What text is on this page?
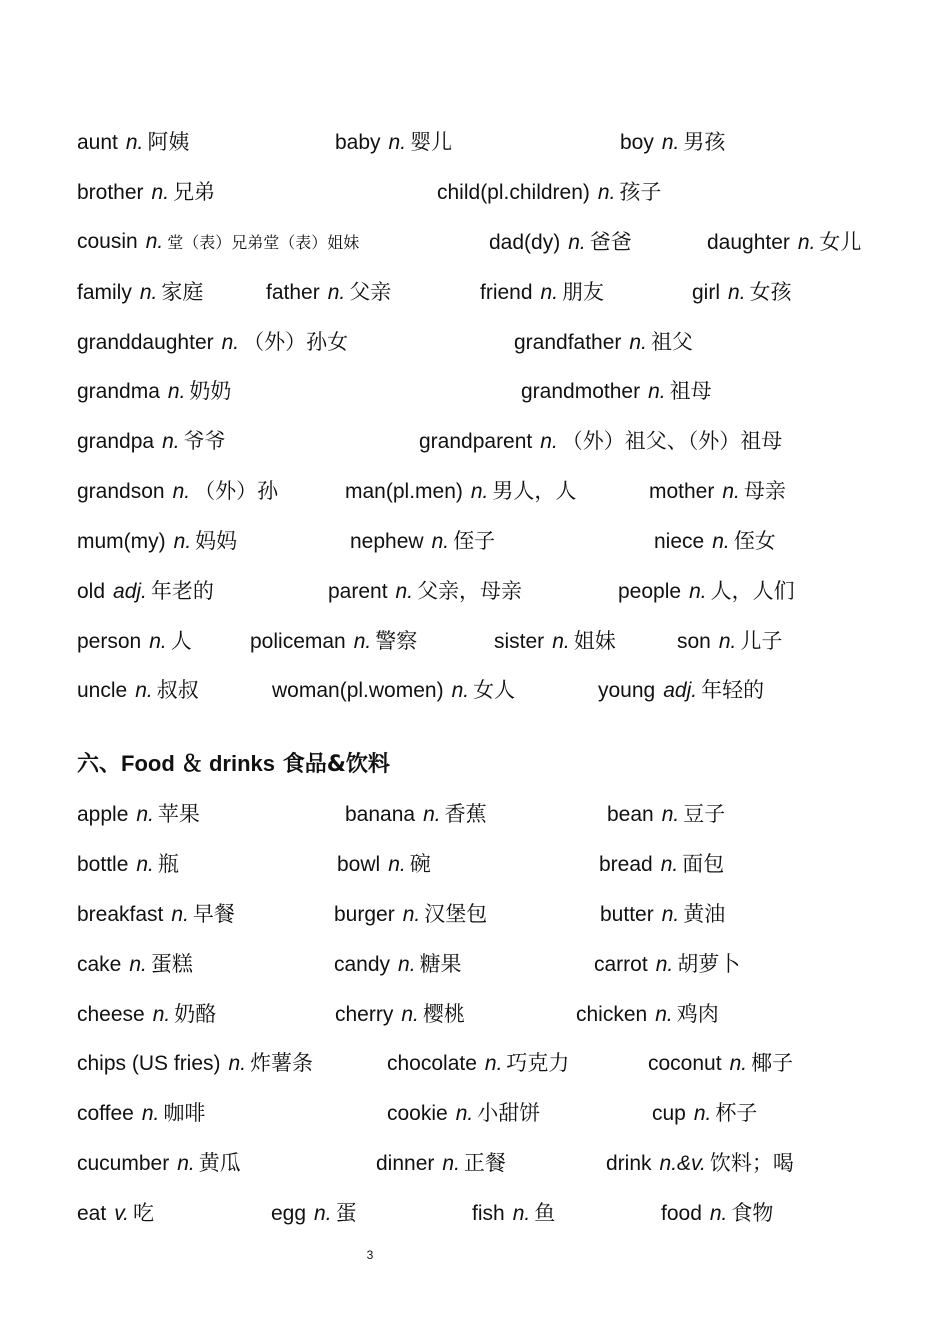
aunt n. 阿姨	baby n. 婴儿	boy n. 男孩
brother n. 兄弟	child(pl.children) n. 孩子
cousin n. 堂（表）兄弟堂（表）姐妹	dad(dy) n. 爸爸	daughter n. 女儿
family n. 家庭	father n. 父亲	friend n. 朋友	girl n. 女孩
granddaughter n. （外）孙女	grandfather n. 祖父
grandma n. 奶奶	grandmother n. 祖母
grandpa n. 爷爷	grandparent n. （外）祖父、（外）祖母
grandson n. （外）孙	man(pl.men) n. 男人，人	mother n. 母亲
mum(my) n. 妈妈	nephew n. 侄子	niece n. 侄女
old adj. 年老的	parent n. 父亲，母亲	people n. 人，人们
person n. 人	policeman n. 警察	sister n. 姐妹	son n. 儿子
uncle n. 叔叔	woman(pl.women) n. 女人	young adj. 年轻的
六、Food ＆ drinks 食品&饮料
apple n. 苹果	banana n. 香蕉	bean n. 豆子
bottle n. 瓶	bowl n. 碗	bread n. 面包
breakfast n. 早餐	burger n. 汉堡包	butter n. 黄油
cake n. 蛋糕	candy n. 糖果	carrot n. 胡萝卜
cheese n. 奶酪	cherry n. 樱桃	chicken n. 鸡肉
chips (US fries) n. 炸薯条	chocolate n. 巧克力	coconut n. 椰子
coffee n. 咖啡	cookie n. 小甜饼	cup n. 杯子
cucumber n. 黄瓜	dinner n. 正餐	drink n.&v. 饮料；喝
eat v. 吃	egg n. 蛋	fish n. 鱼	food n. 食物
3
